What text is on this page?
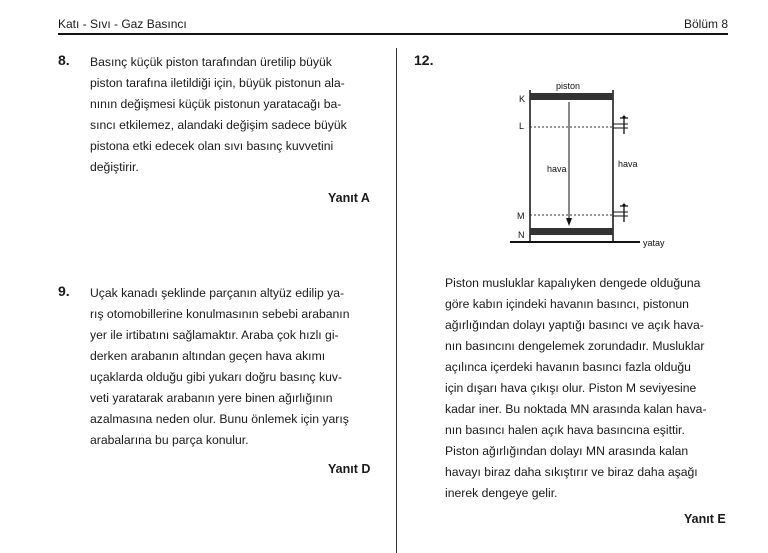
Katı - Sıvı - Gaz Basıncı	Bölüm 8
8. Basınç küçük piston tarafından üretilip büyük
piston tarafına iletildiği için, büyük pistonun ala-
nının değişmesi küçük pistonun yaratacağı ba-
sıncı etkilemez, alandaki değişim sadece büyük
pistona etki edecek olan sıvı basınç kuvvetini
değiştirir.
Yanıt A
9. Uçak kanadı şeklinde parçanın altyüz edilip ya-
rış otomobillerine konulmasının sebebi arabanın
yer ile irtibatını sağlamaktır. Araba çok hızlı gi-
derken arabanın altından geçen hava akımı
uçaklarda olduğu gibi yukarı doğru basınç kuv-
veti yaratarak arabanın yere binen ağırlığının
azalmasına neden olur. Bunu önlemek için yarış
arabalarına bu parça konulur.
Yanıt D
12.
piston
K
L
M
N
hava	hava
yatay
Piston musluklar kapalıyken dengede olduğuna
göre kabın içindeki havanın basıncı, pistonun
ağırlığından dolayı yaptığı basıncı ve açık hava-
nın basıncını dengelemek zorundadır. Musluklar
açılınca içerdeki havanın basıncı fazla olduğu
için dışarı hava çıkışı olur. Piston M seviyesine
kadar iner. Bu noktada MN arasında kalan hava-
nın basıncı halen açık hava basıncına eşittir.
Piston ağırlığından dolayı MN arasında kalan
havayı biraz daha sıkıştırır ve biraz daha aşağı
inerek dengeye gelir.
Yanıt E
